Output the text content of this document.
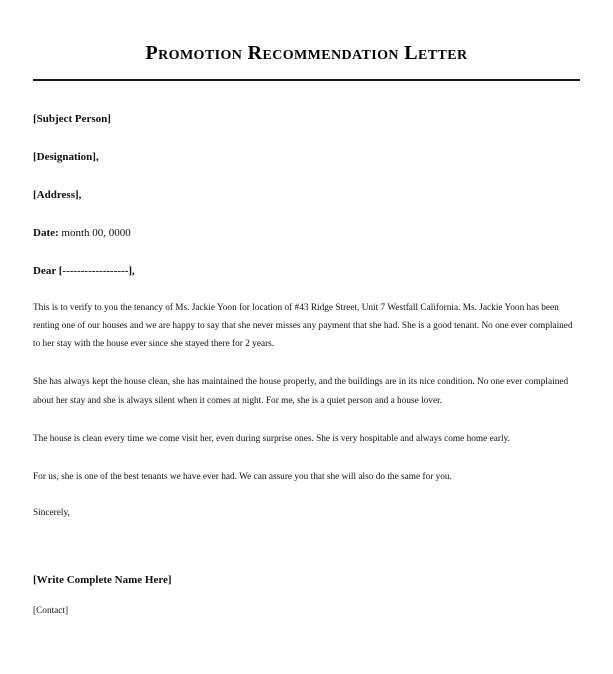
Promotion Recommendation Letter
[Subject Person]
[Designation],
[Address],
Date: month 00, 0000
Dear [------------------],

This is to verify to you the tenancy of Ms. Jackie Yoon for location of #43 Ridge Street, Unit 7 Westfall California. Ms. Jackie Yoon has been renting one of our houses and we are happy to say that she never misses any payment that she had. She is a good tenant. No one ever complained to her stay with the house ever since she stayed there for 2 years.

She has always kept the house clean, she has maintained the house properly, and the buildings are in its nice condition. No one ever complained about her stay and she is always silent when it comes at night. For me, she is a quiet person and a house lover.

The house is clean every time we come visit her, even during surprise ones. She is very hospitable and always come home early.

For us, she is one of the best tenants we have ever had. We can assure you that she will also do the same for you.

Sincerely,
[Write Complete Name Here]
[Contact]
